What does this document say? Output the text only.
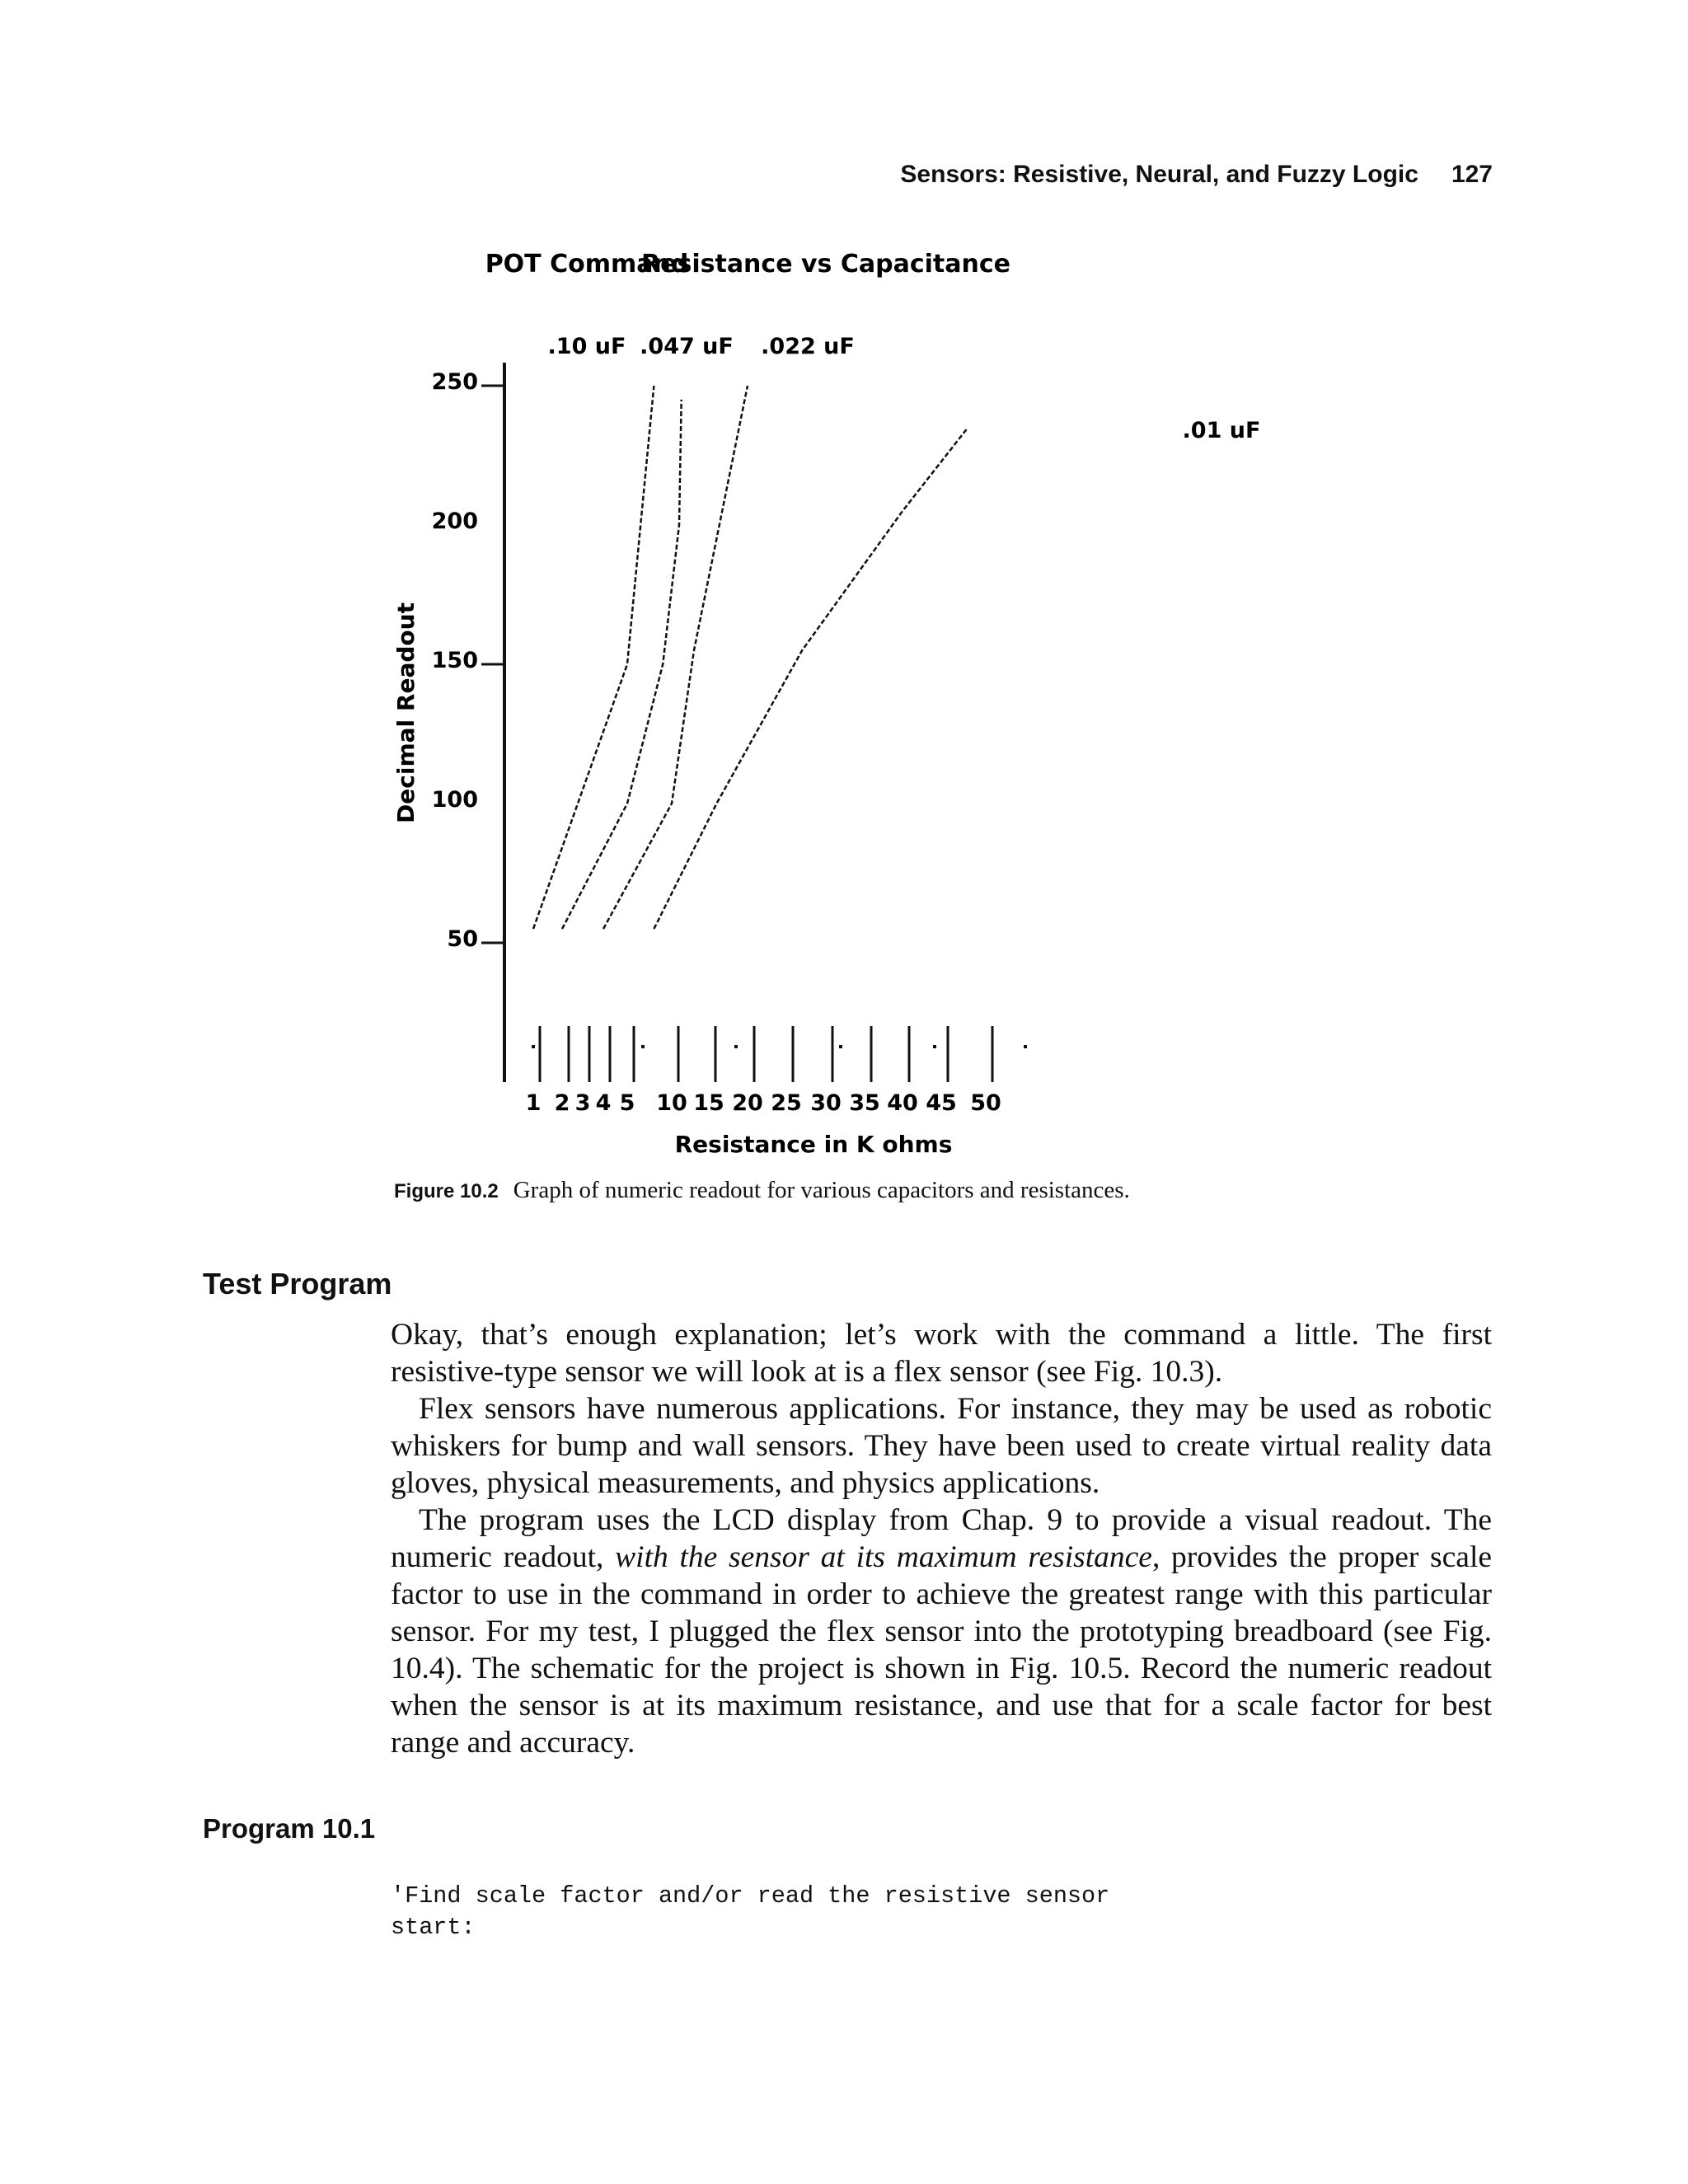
Sensors: Resistive, Neural, and Fuzzy Logic 127
POT Command
Resistance vs Capacitance
Decimal Readout
Resistance in K ohms
250
200
150
100
50
1 2 3 4 5 10 15 20 25 30 35 40 45 50
.10 uF .047 uF .022 uF
.01 uF
Figure 10.2 Graph of numeric readout for various capacitors and resistances.
Test Program

Okay, that’s enough explanation; let’s work with the command a little. The first resistive-type sensor we will look at is a flex sensor (see Fig. 10.3).

Flex sensors have numerous applications. For instance, they may be used as robotic whiskers for bump and wall sensors. They have been used to create virtual reality data gloves, physical measurements, and physics applications.

The program uses the LCD display from Chap. 9 to provide a visual readout. The numeric readout, with the sensor at its maximum resistance, provides the proper scale factor to use in the command in order to achieve the greatest range with this particular sensor. For my test, I plugged the flex sensor into the prototyping breadboard (see Fig. 10.4). The schematic for the project is shown in Fig. 10.5. Record the numeric readout when the sensor is at its maximum resistance, and use that for a scale factor for best range and accuracy.

Program 10.1
'Find scale factor and/or read the resistive sensor
start:
